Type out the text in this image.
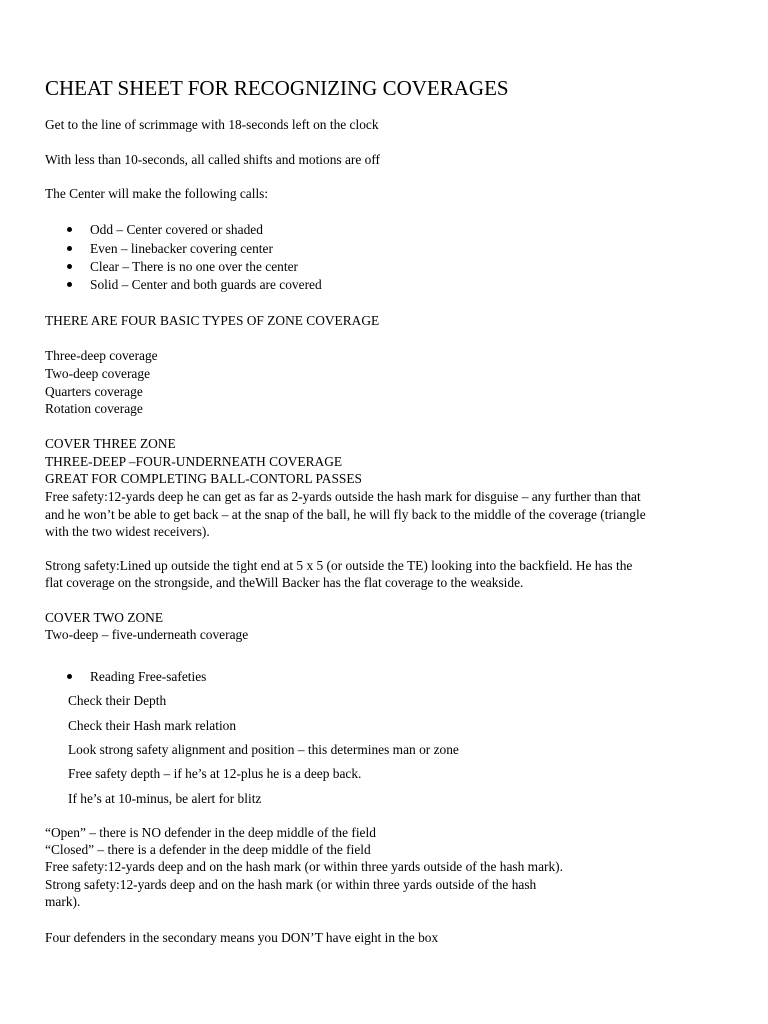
CHEAT SHEET FOR RECOGNIZING COVERAGES
Get to the line of scrimmage with 18-seconds left on the clock
With less than 10-seconds, all called shifts and motions are off
The Center will make the following calls:
Odd – Center covered or shaded
Even – linebacker covering center
Clear – There is no one over the center
Solid – Center and both guards are covered
THERE ARE FOUR BASIC TYPES OF ZONE COVERAGE
Three-deep coverage
Two-deep coverage
Quarters coverage
Rotation coverage
COVER THREE ZONE
THREE-DEEP –FOUR-UNDERNEATH COVERAGE
GREAT FOR COMPLETING BALL-CONTORL PASSES
Free safety:12-yards deep he can get as far as 2-yards outside the hash mark for disguise – any further than that
and he won’t be able to get back – at the snap of the ball, he will fly back to the middle of the coverage (triangle
with the two widest receivers).
Strong safety:Lined up outside the tight end at 5 x 5 (or outside the TE) looking into the backfield. He has the
flat coverage on the strongside, and theWill Backer has the flat coverage to the weakside.
COVER TWO ZONE
Two-deep – five-underneath coverage
Reading Free-safeties
Check their Depth
Check their Hash mark relation
Look strong safety alignment and position – this determines man or zone
Free safety depth – if he’s at 12-plus he is a deep back.
If he’s at 10-minus, be alert for blitz
“Open” – there is NO defender in the deep middle of the field
“Closed” – there is a defender in the deep middle of the field
Free safety:12-yards deep and on the hash mark (or within three yards outside of the hash mark).
Strong safety:12-yards deep and on the hash mark (or within three yards outside of the hash
mark).
Four defenders in the secondary means you DON’T have eight in the box
